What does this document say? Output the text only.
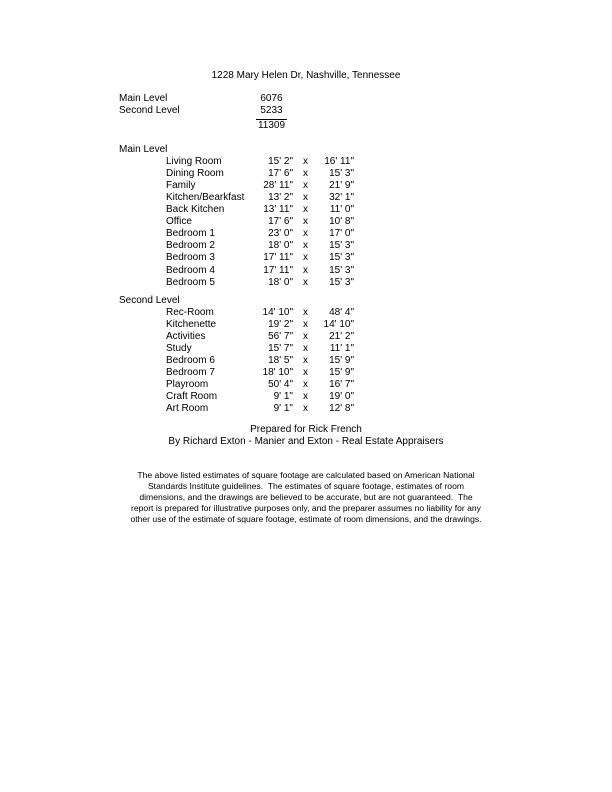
1228 Mary Helen Dr, Nashville, Tennessee
Main Level	6076
Second Level	5233
11309
Main Level
Living Room	15' 2"	x	16' 11"
Dining Room	17' 6"	x	15' 3"
Family	28' 11"	x	21' 9"
Kitchen/Bearkfast	13' 2"	x	32' 1"
Back Kitchen	13' 11"	x	11' 0"
Office	17' 6"	x	10' 8"
Bedroom 1	23' 0"	x	17' 0"
Bedroom 2	18' 0"	x	15' 3"
Bedroom 3	17' 11"	x	15' 3"
Bedroom 4	17' 11"	x	15' 3"
Bedroom 5	18' 0"	x	15' 3"
Second Level
Rec-Room	14' 10"	x	48' 4"
Kitchenette	19' 2"	x	14' 10"
Activities	56' 7"	x	21' 2"
Study	15' 7"	x	11' 1"
Bedroom 6	18' 5"	x	15' 9"
Bedroom 7	18' 10"	x	15' 9"
Playroom	50' 4"	x	16' 7"
Craft Room	9' 1"	x	19' 0"
Art Room	9' 1"	x	12' 8"
Prepared for Rick French
By Richard Exton - Manier and Exton - Real Estate Appraisers
The above listed estimates of square footage are calculated based on American National
Standards Institute guidelines.  The estimates of square footage, estimates of room
dimensions, and the drawings are believed to be accurate, but are not guaranteed.  The
report is prepared for illustrative purposes only, and the preparer assumes no liability for any
other use of the estimate of square footage, estimate of room dimensions, and the drawings.
